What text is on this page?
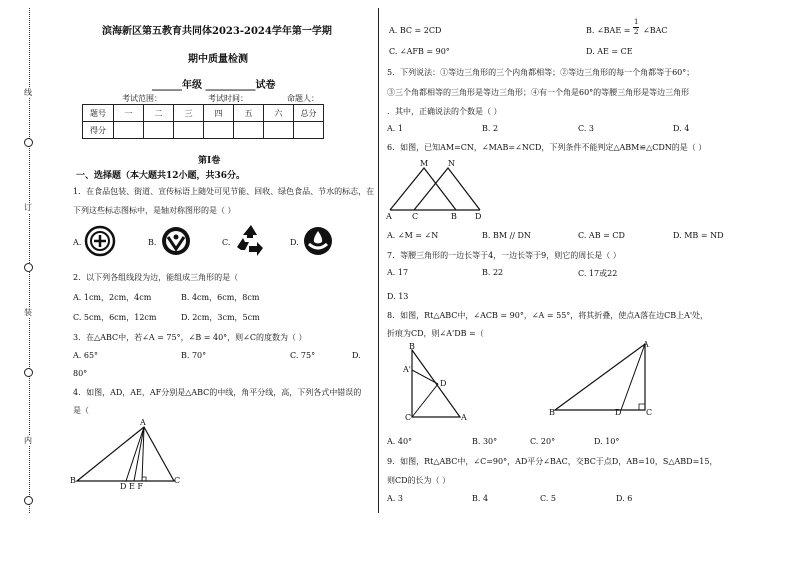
线
订
装
内
滨海新区第五教育共同体2023-2024学年第一学期
期中质量检测
______年级 __________试卷
考试范围：	考试时间：	命题人：
题号	一	二	三	四	五	六	总分
得分							
第Ⅰ卷
一、选择题（本大题共12小题，共36分。
1．在食品包装、街道、宣传标语上随处可见节能、回收、绿色食品、节水的标志，在
下列这些标志图标中，是轴对称图形的是（ ）
A.	B.	C.	D.
2．以下列各组线段为边，能组成三角形的是（
A. 1cm，2cm，4cm	B. 4cm，6cm，8cm
C. 5cm，6cm，12cm	D. 2cm，3cm，5cm
3．在△ABC中，若∠A = 75°，∠B = 40°，则∠C的度数为（ ）
A. 65°	B. 70°	C. 75°	D.
80°
4．如图，AD，AE，AF分别是△ABC的中线，角平分线，高，下列各式中错误的
是（
A
B	C
D E F
A. BC = 2CD	B. ∠BAE = $\frac{1}{2}$ ∠BAC
C. ∠AFB = 90°	D. AE = CE
5．下列说法：①等边三角形的三个内角都相等；②等边三角形的每一个角都等于60°；
③三个角都相等的三角形是等边三角形；④有一个角是60°的等腰三角形是等边三角形
．其中，正确说法的个数是（ ）
A. 1	B. 2	C. 3	D. 4
6．如图，已知AM=CN，∠MAB=∠NCD，下列条件不能判定△ABM≌△CDN的是（ ）
M N
A	C	B D
A. ∠M = ∠N	B. BM // DN	C. AB = CD	D. MB = ND
7．等腰三角形的一边长等于4，一边长等于9，则它的周长是（ ）
A. 17	B. 22	C. 17或22
D. 13
8．如图，Rt△ABC中，∠ACB = 90°，∠A = 55°，将其折叠，使点A落在边CB上A'处，
折痕为CD，则∠A'DB =（
B
A'
D
C	A
A
B	D	C
A. 40°	B. 30°	C. 20°	D. 10°
9．如图，Rt△ABC中，∠C=90°，AD平分∠BAC，交BC于点D，AB=10，S△ABD=15，
则CD的长为（ ）
A. 3	B. 4	C. 5	D. 6
